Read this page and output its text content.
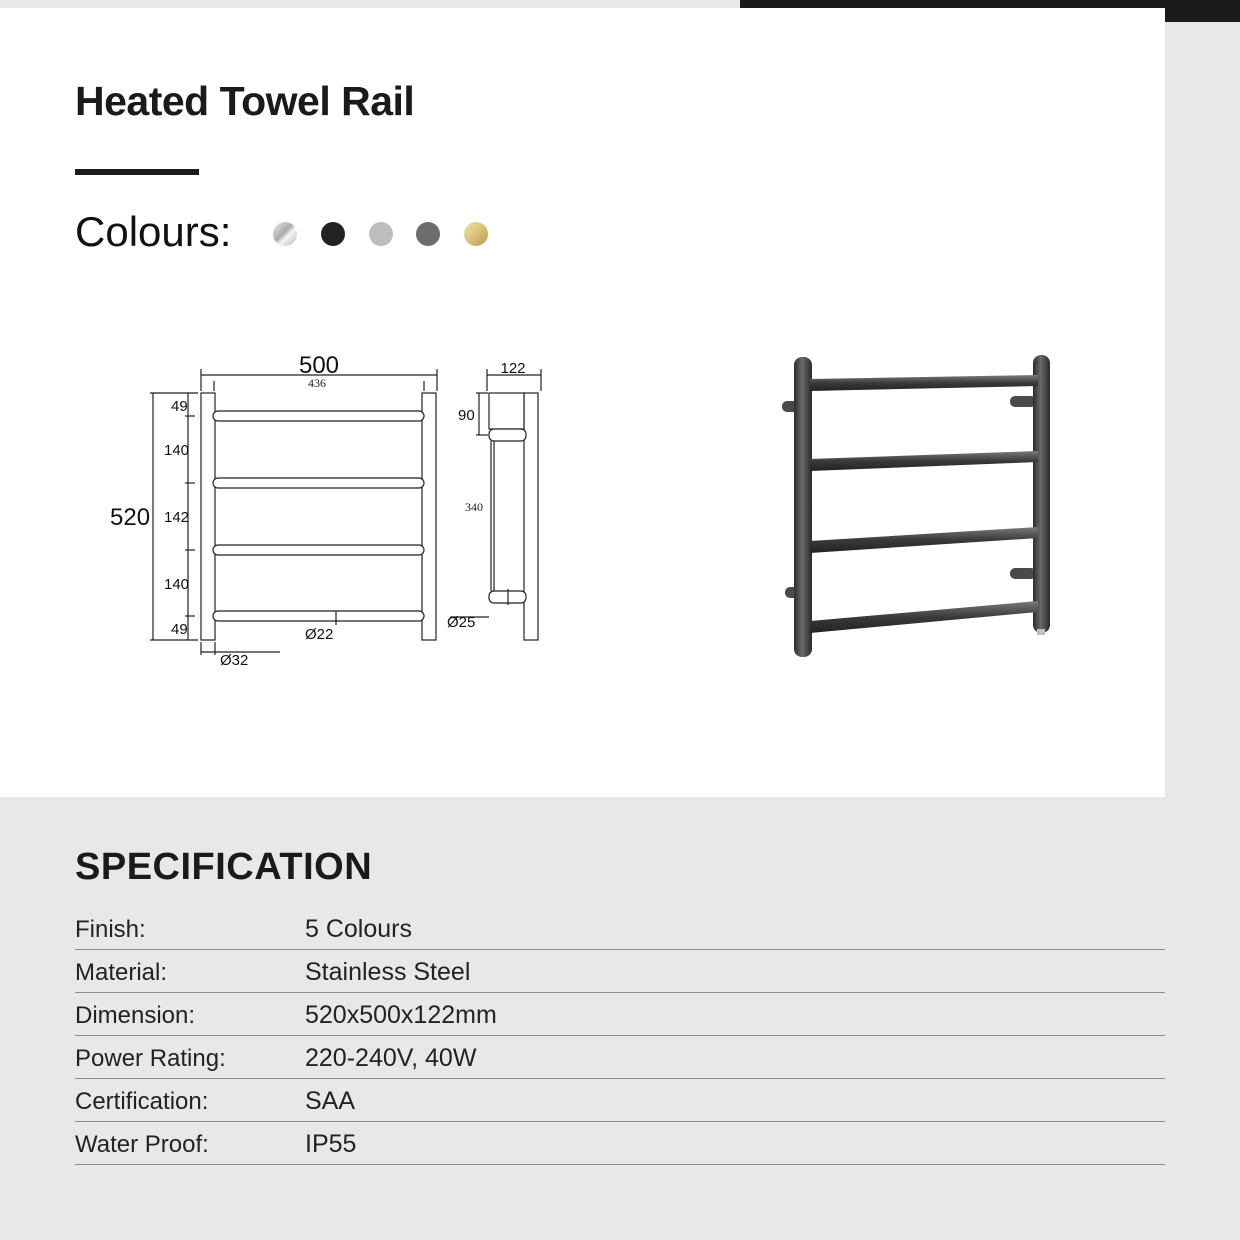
Heated Towel Rail
Colours:
500
436
520
49
140
142
140
49	Ø22
Ø32
122
90
340
Ø25
SPECIFICATION
Finish:	5 Colours
Material:	Stainless Steel
Dimension:	520x500x122mm
Power Rating:	220-240V, 40W
Certification:	SAA
Water Proof:	IP55
